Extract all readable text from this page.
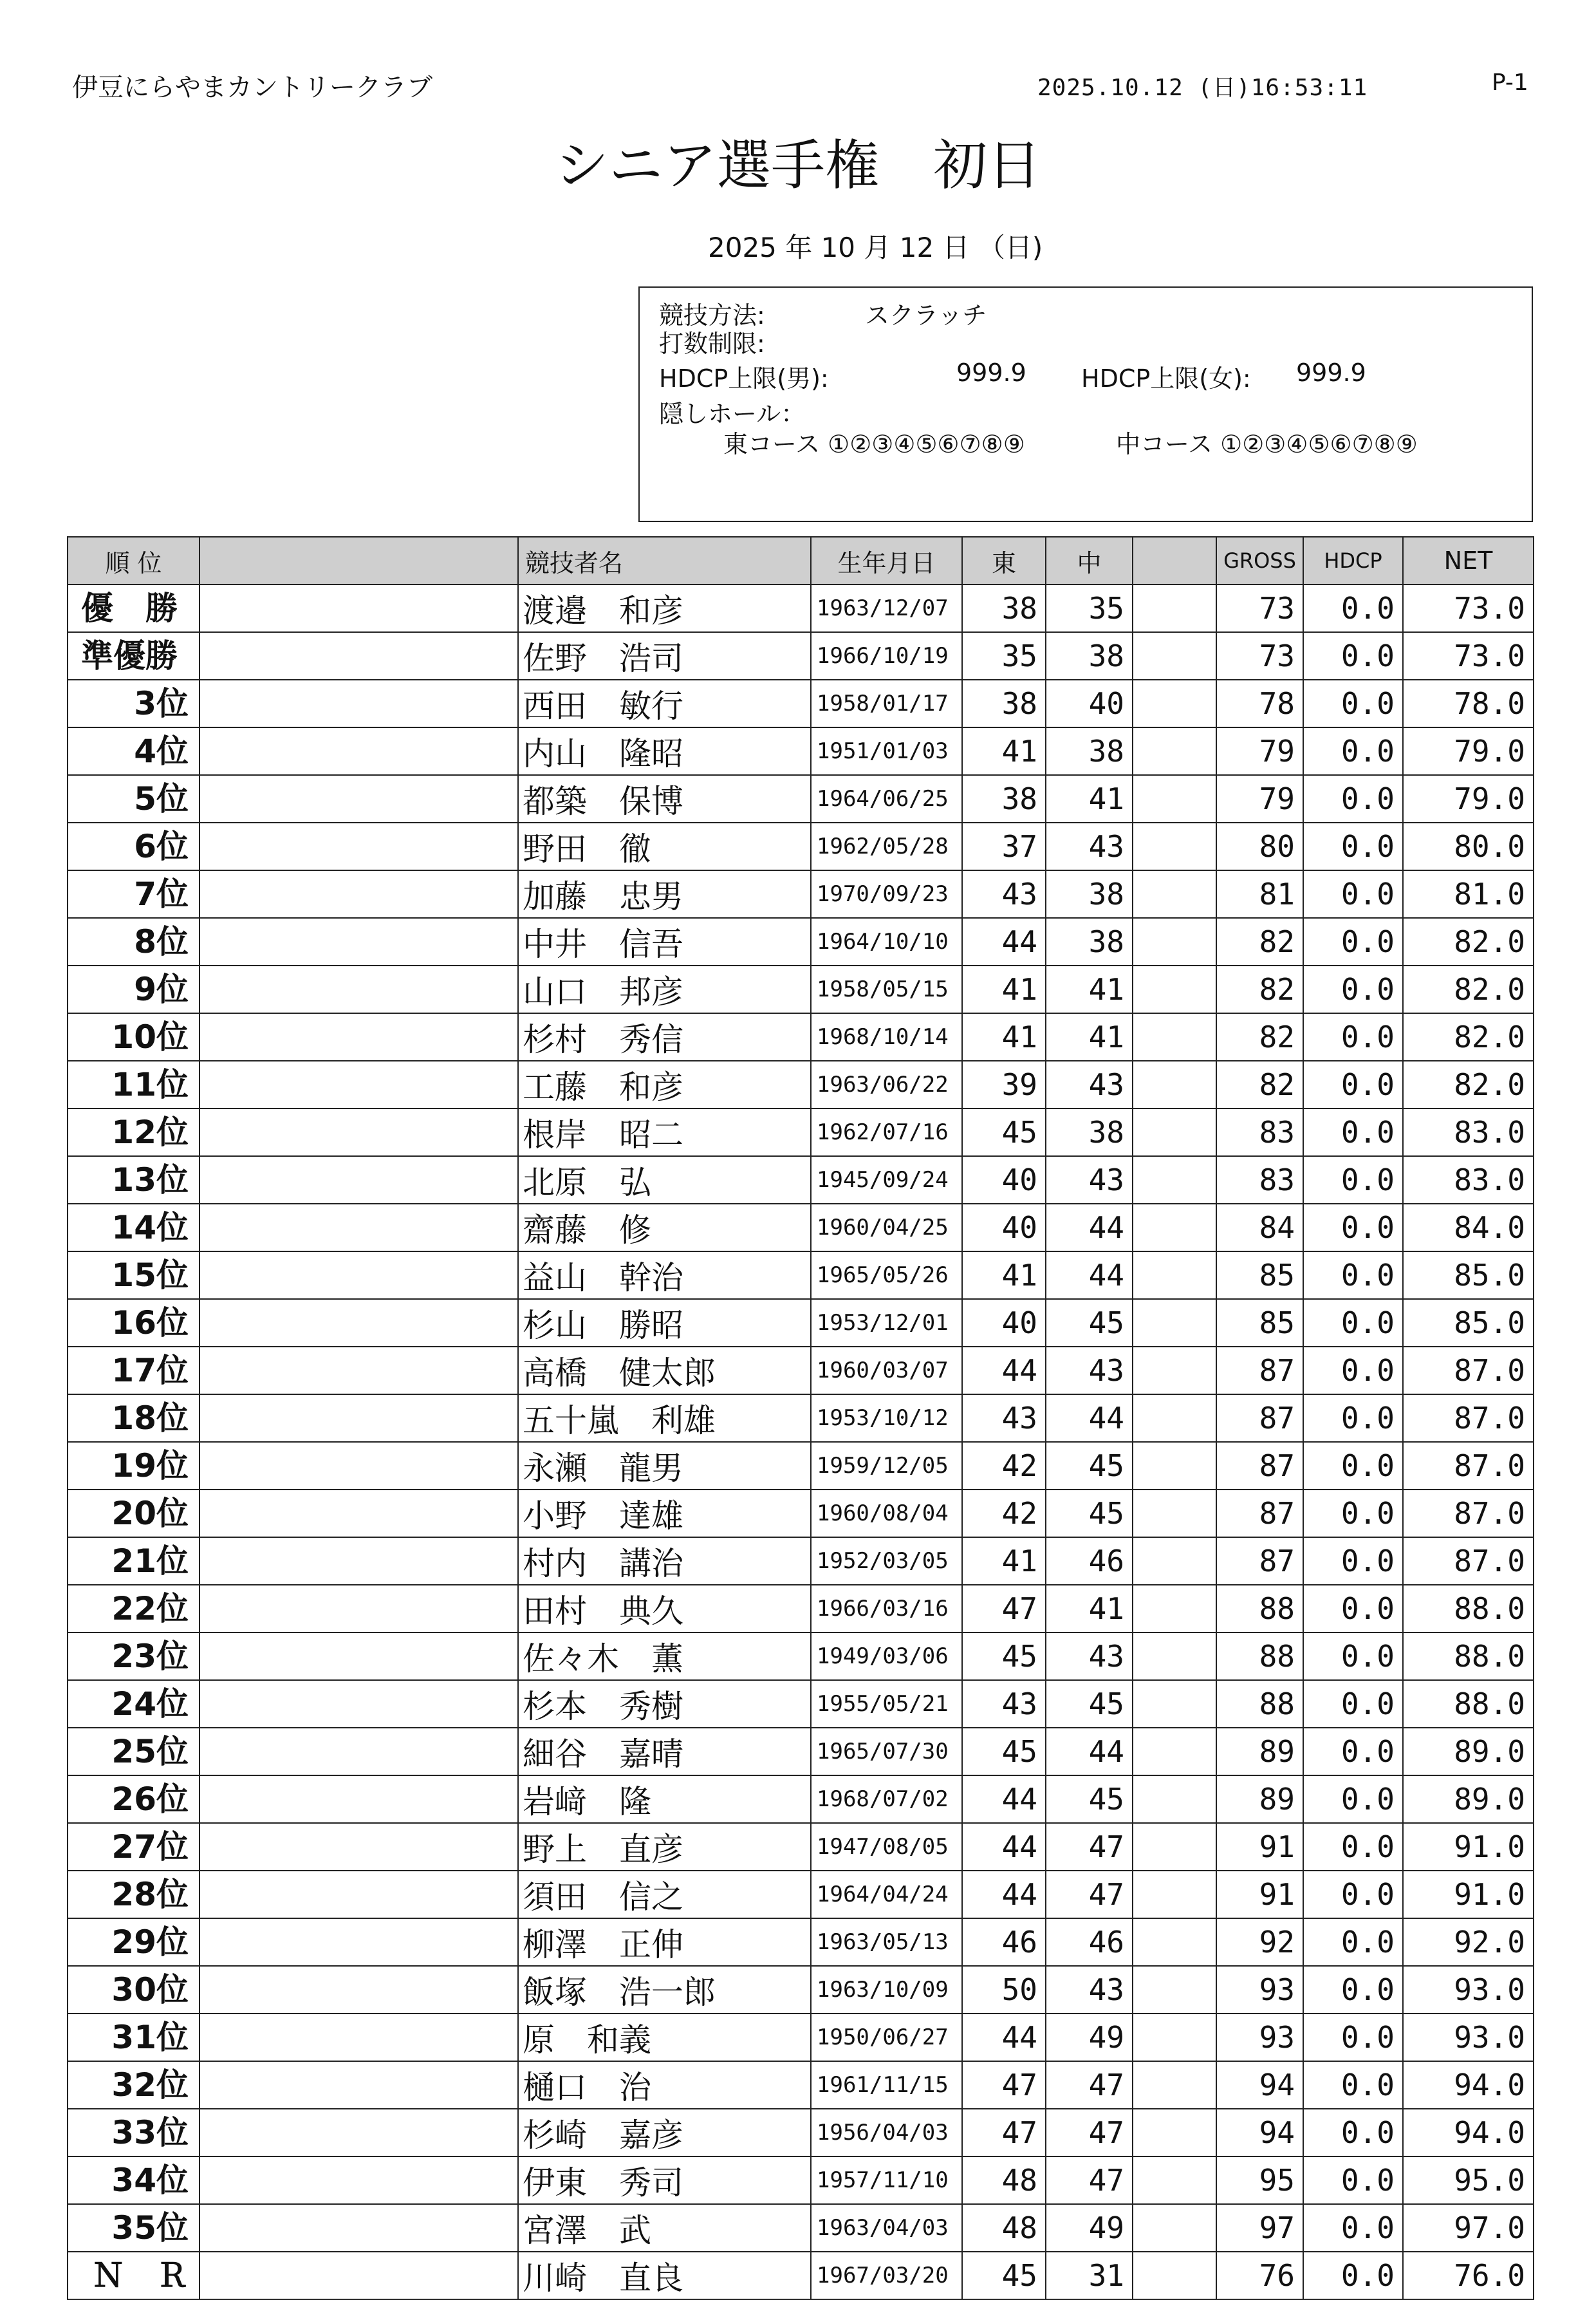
伊豆にらやまカントリークラブ	2025.10.12 (日)16:53:11	P-1
シニア選手権　初日
2025 年 10 月 12 日 （日)
競技方法:	スクラッチ
打数制限:
HDCP上限(男):	999.9 HDCP上限(女): 999.9
隠しホール：
東コース ①②③④⑤⑥⑦⑧⑨	中コース ①②③④⑤⑥⑦⑧⑨
順 位		競技者名	生年月日	東	中		GROSS	HDCP	NET
優　勝		渡邉　和彦	1963/12/07	38	35		73	0.0	73.0
準優勝		佐野　浩司	1966/10/19	35	38		73	0.0	73.0
3位		西田　敏行	1958/01/17	38	40		78	0.0	78.0
4位		内山　隆昭	1951/01/03	41	38		79	0.0	79.0
5位		都築　保博	1964/06/25	38	41		79	0.0	79.0
6位		野田　徹	1962/05/28	37	43		80	0.0	80.0
7位		加藤　忠男	1970/09/23	43	38		81	0.0	81.0
8位		中井　信吾	1964/10/10	44	38		82	0.0	82.0
9位		山口　邦彦	1958/05/15	41	41		82	0.0	82.0
10位		杉村　秀信	1968/10/14	41	41		82	0.0	82.0
11位		工藤　和彦	1963/06/22	39	43		82	0.0	82.0
12位		根岸　昭二	1962/07/16	45	38		83	0.0	83.0
13位		北原　弘	1945/09/24	40	43		83	0.0	83.0
14位		齋藤　修	1960/04/25	40	44		84	0.0	84.0
15位		益山　幹治	1965/05/26	41	44		85	0.0	85.0
16位		杉山　勝昭	1953/12/01	40	45		85	0.0	85.0
17位		高橋　健太郎	1960/03/07	44	43		87	0.0	87.0
18位		五十嵐　利雄	1953/10/12	43	44		87	0.0	87.0
19位		永瀬　龍男	1959/12/05	42	45		87	0.0	87.0
20位		小野　達雄	1960/08/04	42	45		87	0.0	87.0
21位		村内　講治	1952/03/05	41	46		87	0.0	87.0
22位		田村　典久	1966/03/16	47	41		88	0.0	88.0
23位		佐々木　薫	1949/03/06	45	43		88	0.0	88.0
24位		杉本　秀樹	1955/05/21	43	45		88	0.0	88.0
25位		細谷　嘉晴	1965/07/30	45	44		89	0.0	89.0
26位		岩﨑　隆	1968/07/02	44	45		89	0.0	89.0
27位		野上　直彦	1947/08/05	44	47		91	0.0	91.0
28位		須田　信之	1964/04/24	44	47		91	0.0	91.0
29位		柳澤　正伸	1963/05/13	46	46		92	0.0	92.0
30位		飯塚　浩一郎	1963/10/09	50	43		93	0.0	93.0
31位		原　和義	1950/06/27	44	49		93	0.0	93.0
32位		樋口　治	1961/11/15	47	47		94	0.0	94.0
33位		杉崎　嘉彦	1956/04/03	47	47		94	0.0	94.0
34位		伊東　秀司	1957/11/10	48	47		95	0.0	95.0
35位		宮澤　武	1963/04/03	48	49		97	0.0	97.0
Ｎ　Ｒ		川崎　直良	1967/03/20	45	31		76	0.0	76.0
